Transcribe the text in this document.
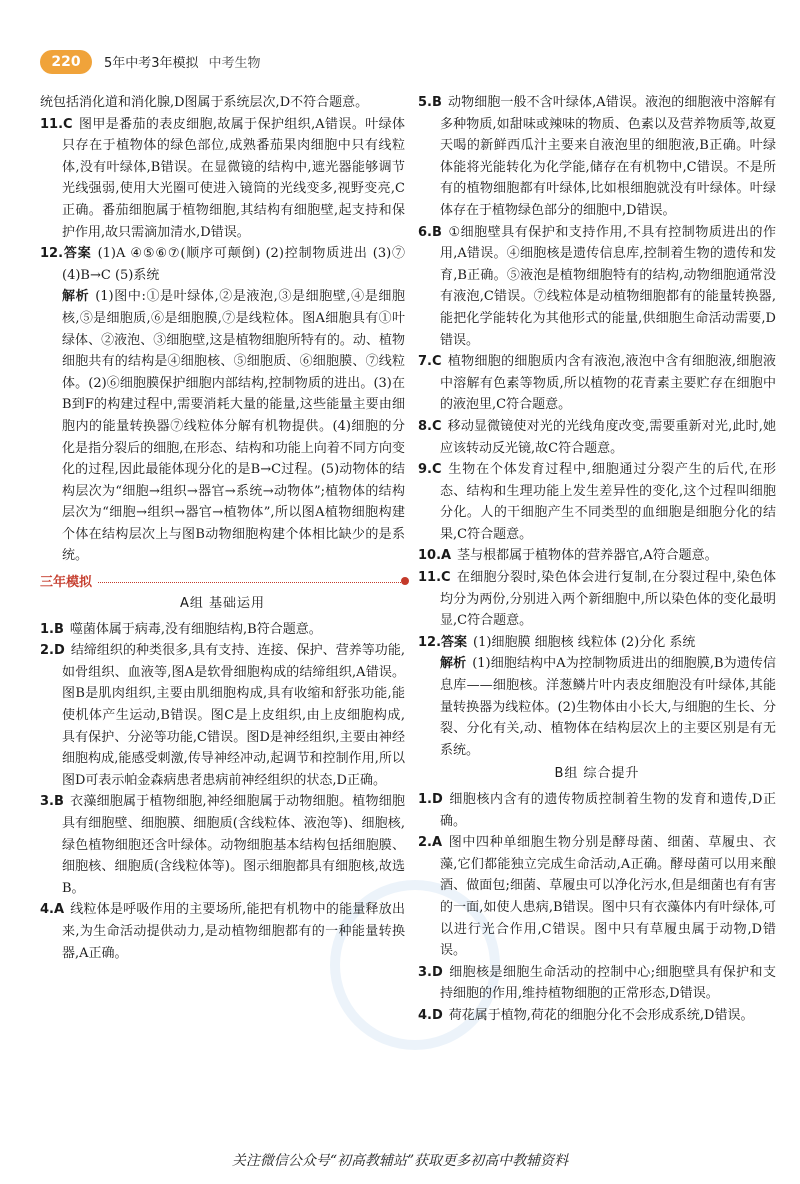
220	5年中考3年模拟 中考生物

统包括消化道和消化腺,D图属于系统层次,D不符合题意。

11.C 图甲是番茄的表皮细胞,故属于保护组织,A错误。叶绿体只存在于植物体的绿色部位,成熟番茄果肉细胞中只有线粒体,没有叶绿体,B错误。在显微镜的结构中,遮光器能够调节光线强弱,使用大光圈可使进入镜筒的光线变多,视野变亮,C正确。番茄细胞属于植物细胞,其结构有细胞壁,起支持和保护作用,故只需滴加清水,D错误。

12.答案 (1)A ④⑤⑥⑦(顺序可颠倒) (2)控制物质进出 (3)⑦ (4)B→C (5)系统

解析 (1)图中:①是叶绿体,②是液泡,③是细胞壁,④是细胞核,⑤是细胞质,⑥是细胞膜,⑦是线粒体。图A细胞具有①叶绿体、②液泡、③细胞壁,这是植物细胞所特有的。动、植物细胞共有的结构是④细胞核、⑤细胞质、⑥细胞膜、⑦线粒体。(2)⑥细胞膜保护细胞内部结构,控制物质的进出。(3)在B到F的构建过程中,需要消耗大量的能量,这些能量主要由细胞内的能量转换器⑦线粒体分解有机物提供。(4)细胞的分化是指分裂后的细胞,在形态、结构和功能上向着不同方向变化的过程,因此最能体现分化的是B→C过程。(5)动物体的结构层次为“细胞→组织→器官→系统→动物体”;植物体的结构层次为“细胞→组织→器官→植物体”,所以图A植物细胞构建个体在结构层次上与图B动物细胞构建个体相比缺少的是系统。

三年模拟
A组 基础运用

1.B 噬菌体属于病毒,没有细胞结构,B符合题意。

2.D 结缔组织的种类很多,具有支持、连接、保护、营养等功能,如骨组织、血液等,图A是软骨细胞构成的结缔组织,A错误。图B是肌肉组织,主要由肌细胞构成,具有收缩和舒张功能,能使机体产生运动,B错误。图C是上皮组织,由上皮细胞构成,具有保护、分泌等功能,C错误。图D是神经组织,主要由神经细胞构成,能感受刺激,传导神经冲动,起调节和控制作用,所以图D可表示帕金森病患者患病前神经组织的状态,D正确。

3.B 衣藻细胞属于植物细胞,神经细胞属于动物细胞。植物细胞具有细胞壁、细胞膜、细胞质(含线粒体、液泡等)、细胞核,绿色植物细胞还含叶绿体。动物细胞基本结构包括细胞膜、细胞核、细胞质(含线粒体等)。图示细胞都具有细胞核,故选B。

4.A 线粒体是呼吸作用的主要场所,能把有机物中的能量释放出来,为生命活动提供动力,是动植物细胞都有的一种能量转换器,A正确。

5.B 动物细胞一般不含叶绿体,A错误。液泡的细胞液中溶解有多种物质,如甜味或辣味的物质、色素以及营养物质等,故夏天喝的新鲜西瓜汁主要来自液泡里的细胞液,B正确。叶绿体能将光能转化为化学能,储存在有机物中,C错误。不是所有的植物细胞都有叶绿体,比如根细胞就没有叶绿体。叶绿体存在于植物绿色部分的细胞中,D错误。

6.B ①细胞壁具有保护和支持作用,不具有控制物质进出的作用,A错误。④细胞核是遗传信息库,控制着生物的遗传和发育,B正确。⑤液泡是植物细胞特有的结构,动物细胞通常没有液泡,C错误。⑦线粒体是动植物细胞都有的能量转换器,能把化学能转化为其他形式的能量,供细胞生命活动需要,D错误。

7.C 植物细胞的细胞质内含有液泡,液泡中含有细胞液,细胞液中溶解有色素等物质,所以植物的花青素主要贮存在细胞中的液泡里,C符合题意。

8.C 移动显微镜使对光的光线角度改变,需要重新对光,此时,她应该转动反光镜,故C符合题意。

9.C 生物在个体发育过程中,细胞通过分裂产生的后代,在形态、结构和生理功能上发生差异性的变化,这个过程叫细胞分化。人的干细胞产生不同类型的血细胞是细胞分化的结果,C符合题意。

10.A 茎与根都属于植物体的营养器官,A符合题意。

11.C 在细胞分裂时,染色体会进行复制,在分裂过程中,染色体均分为两份,分别进入两个新细胞中,所以染色体的变化最明显,C符合题意。

12.答案 (1)细胞膜 细胞核 线粒体 (2)分化 系统

解析 (1)细胞结构中A为控制物质进出的细胞膜,B为遗传信息库——细胞核。洋葱鳞片叶内表皮细胞没有叶绿体,其能量转换器为线粒体。(2)生物体由小长大,与细胞的生长、分裂、分化有关,动、植物体在结构层次上的主要区别是有无系统。

B组 综合提升

1.D 细胞核内含有的遗传物质控制着生物的发育和遗传,D正确。

2.A 图中四种单细胞生物分别是酵母菌、细菌、草履虫、衣藻,它们都能独立完成生命活动,A正确。酵母菌可以用来酿酒、做面包;细菌、草履虫可以净化污水,但是细菌也有有害的一面,如使人患病,B错误。图中只有衣藻体内有叶绿体,可以进行光合作用,C错误。图中只有草履虫属于动物,D错误。

3.D 细胞核是细胞生命活动的控制中心;细胞壁具有保护和支持细胞的作用,维持植物细胞的正常形态,D错误。

4.D 荷花属于植物,荷花的细胞分化不会形成系统,D错误。

关注微信公众号“初高教辅站”获取更多初高中教辅资料
